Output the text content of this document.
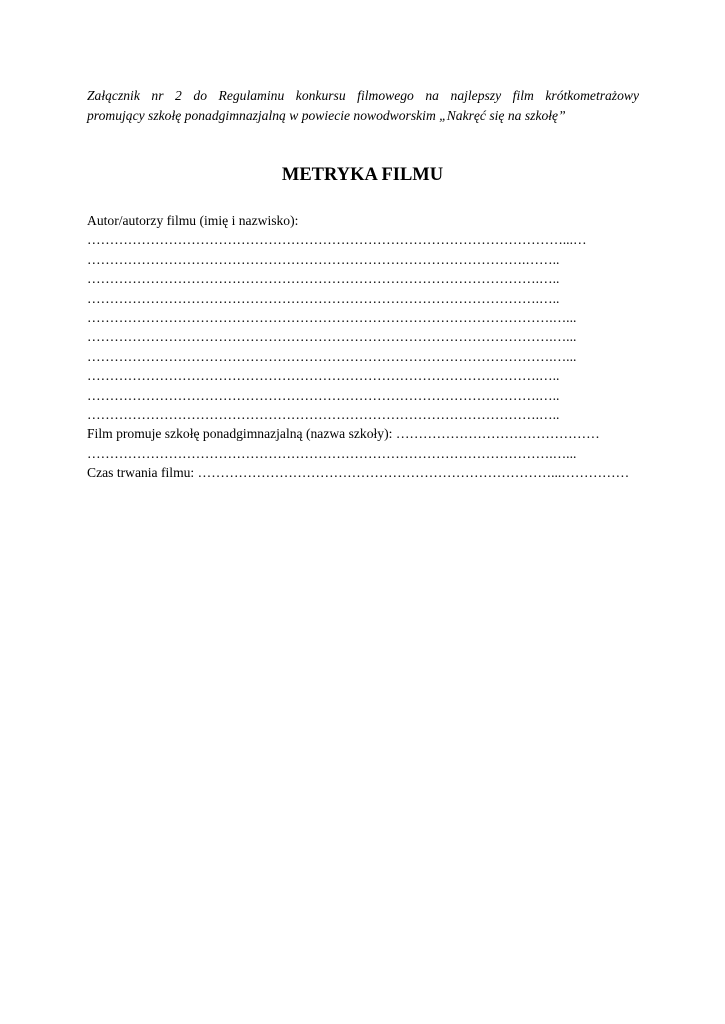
Załącznik nr 2 do Regulaminu konkursu filmowego na najlepszy film krótkometrażowy
promujący szkołę ponadgimnazjalną w powiecie nowodworskim „Nakręć się na szkołę”
METRYKA FILMU
Autor/autorzy filmu (imię i nazwisko):
……………………………………………………………………………………………...…
…………………………………………………………………………………….……..
……………………………………………………………………………………….…..
……………………………………………………………………………………….…..
………………………………………………………………………………………….…...
………………………………………………………………………………………….…...
………………………………………………………………………………………….…...
……………………………………………………………………………………….…..
……………………………………………………………………………………….…..
……………………………………………………………………………………….…..
Film promuje szkołę ponadgimnazjalną (nazwa szkoły): ………………………………………
………………………………………………………………………………………….…...
Czas trwania filmu: ……………………………………………………………………...……………
